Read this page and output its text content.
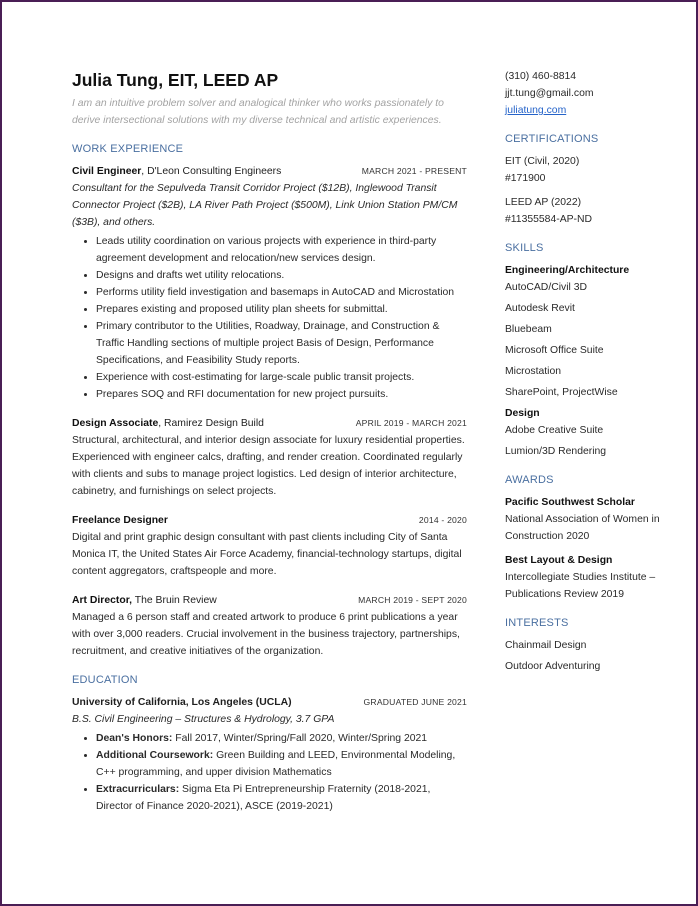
Julia Tung, EIT, LEED AP
I am an intuitive problem solver and analogical thinker who works passionately to derive intersectional solutions with my diverse technical and artistic experiences.
WORK EXPERIENCE
Civil Engineer, D'Leon Consulting Engineers	MARCH 2021 - PRESENT
Consultant for the Sepulveda Transit Corridor Project ($12B), Inglewood Transit Connector Project ($2B), LA River Path Project ($500M), Link Union Station PM/CM ($3B), and others.
• Leads utility coordination on various projects with experience in third-party agreement development and relocation/new services design.
• Designs and drafts wet utility relocations.
• Performs utility field investigation and basemaps in AutoCAD and Microstation
• Prepares existing and proposed utility plan sheets for submittal.
• Primary contributor to the Utilities, Roadway, Drainage, and Construction & Traffic Handling sections of multiple project Basis of Design, Performance Specifications, and Feasibility Study reports.
• Experience with cost-estimating for large-scale public transit projects.
• Prepares SOQ and RFI documentation for new project pursuits.
Design Associate, Ramirez Design Build	APRIL 2019 - MARCH 2021
Structural, architectural, and interior design associate for luxury residential properties. Experienced with engineer calcs, drafting, and render creation. Coordinated regularly with clients and subs to manage project logistics. Led design of interior architecture, cabinetry, and furnishings on select projects.
Freelance Designer	2014 - 2020
Digital and print graphic design consultant with past clients including City of Santa Monica IT, the United States Air Force Academy, financial-technology startups, digital content aggregators, craftspeople and more.
Art Director, The Bruin Review	MARCH 2019 - SEPT 2020
Managed a 6 person staff and created artwork to produce 6 print publications a year with over 3,000 readers. Crucial involvement in the business trajectory, partnerships, recruitment, and creative initiatives of the organization.
EDUCATION
University of California, Los Angeles (UCLA)	GRADUATED JUNE 2021
B.S. Civil Engineering – Structures & Hydrology, 3.7 GPA
• Dean's Honors: Fall 2017, Winter/Spring/Fall 2020, Winter/Spring 2021
• Additional Coursework: Green Building and LEED, Environmental Modeling, C++ programming, and upper division Mathematics
• Extracurriculars: Sigma Eta Pi Entrepreneurship Fraternity (2018-2021, Director of Finance 2020-2021), ASCE (2019-2021)
(310) 460-8814
jjt.tung@gmail.com
juliatung.com
CERTIFICATIONS
EIT (Civil, 2020)
#171900
LEED AP (2022)
#11355584-AP-ND
SKILLS
Engineering/Architecture
AutoCAD/Civil 3D
Autodesk Revit
Bluebeam
Microsoft Office Suite
Microstation
SharePoint, ProjectWise
Design
Adobe Creative Suite
Lumion/3D Rendering
AWARDS
Pacific Southwest Scholar
National Association of Women in Construction 2020
Best Layout & Design
Intercollegiate Studies Institute – Publications Review 2019
INTERESTS
Chainmail Design
Outdoor Adventuring
